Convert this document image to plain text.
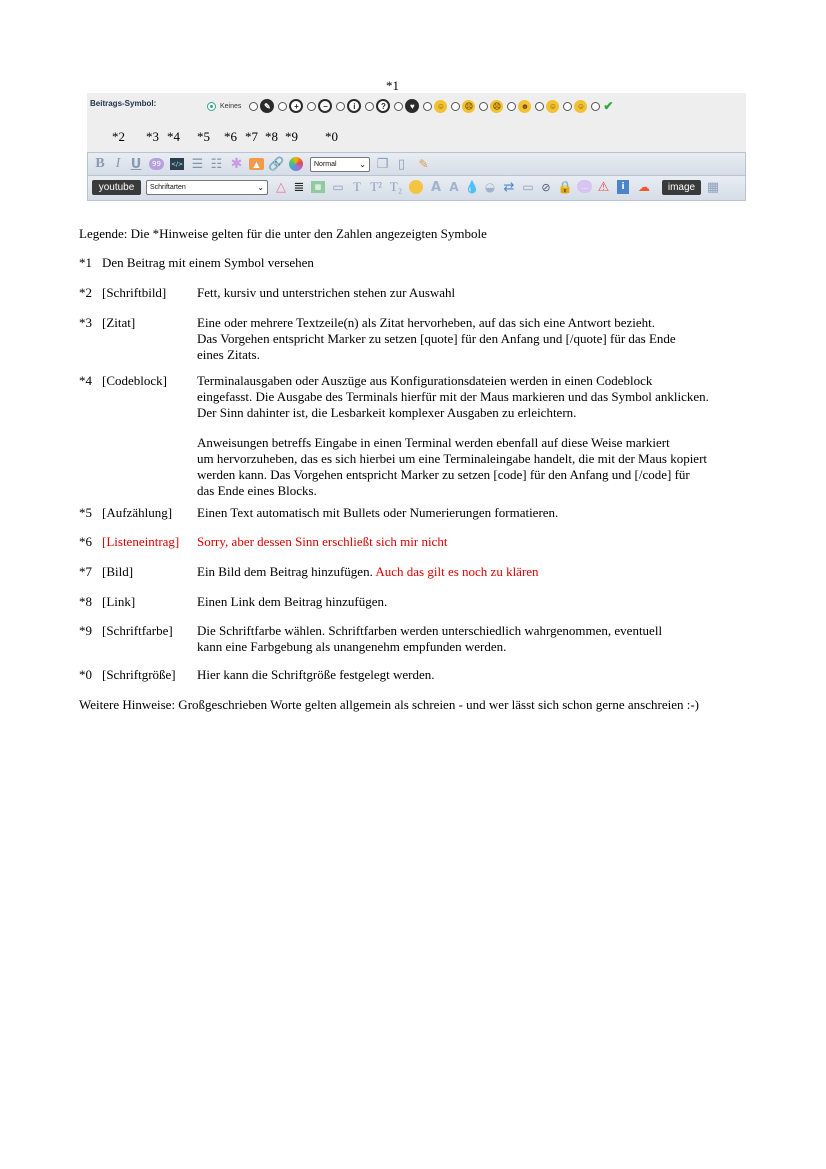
*1
Beitrags-Symbol:	Keines	✎	+	−	i	?	♥	☺	☹ ☹ ☻	☺	☺ ✔
*2 *3 *4 *5 *6 *7 *8 *9 *0
B I U	99	</> ☰ ☷ ✱	▲ 🔗	Normal	⌄ ❐ ▯ ✎
youtube	Schriftarten	⌄ △ ≣	▦ ▭ T T² T₂ A A 💧 ◒ ⇄ ▭ ⊘ 🔒	… ⚠	i	☁	image ▦
Legende: Die *Hinweise gelten für die unter den Zahlen angezeigten Symbole
*1 Den Beitrag mit einem Symbol versehen
*2 [Schriftbild] Fett, kursiv und unterstrichen stehen zur Auswahl
*3 [Zitat]	Eine oder mehrere Textzeile(n) als Zitat hervorheben, auf das sich eine Antwort bezieht.
Das Vorgehen entspricht Marker zu setzen [quote] für den Anfang und [/quote] für das Ende
eines Zitats.
*4 [Codeblock] Terminalausgaben oder Auszüge aus Konfigurationsdateien werden in einen Codeblock
eingefasst. Die Ausgabe des Terminals hierfür mit der Maus markieren und das Symbol anklicken.
Der Sinn dahinter ist, die Lesbarkeit komplexer Ausgaben zu erleichtern.
Anweisungen betreffs Eingabe in einen Terminal werden ebenfall auf diese Weise markiert
um hervorzuheben, das es sich hierbei um eine Terminaleingabe handelt, die mit der Maus kopiert
werden kann. Das Vorgehen entspricht Marker zu setzen [code] für den Anfang und [/code] für
das Ende eines Blocks.
*5 [Aufzählung] Einen Text automatisch mit Bullets oder Numerierungen formatieren.
*6 [Listeneintrag] Sorry, aber dessen Sinn erschließt sich mir nicht
*7 [Bild]	Ein Bild dem Beitrag hinzufügen. Auch das gilt es noch zu klären
*8 [Link]	Einen Link dem Beitrag hinzufügen.
*9 [Schriftfarbe] Die Schriftfarbe wählen. Schriftfarben werden unterschiedlich wahrgenommen, eventuell
kann eine Farbgebung als unangenehm empfunden werden.
*0 [Schriftgröße] Hier kann die Schriftgröße festgelegt werden.
Weitere Hinweise: Großgeschrieben Worte gelten allgemein als schreien - und wer lässt sich schon gerne anschreien :-)
